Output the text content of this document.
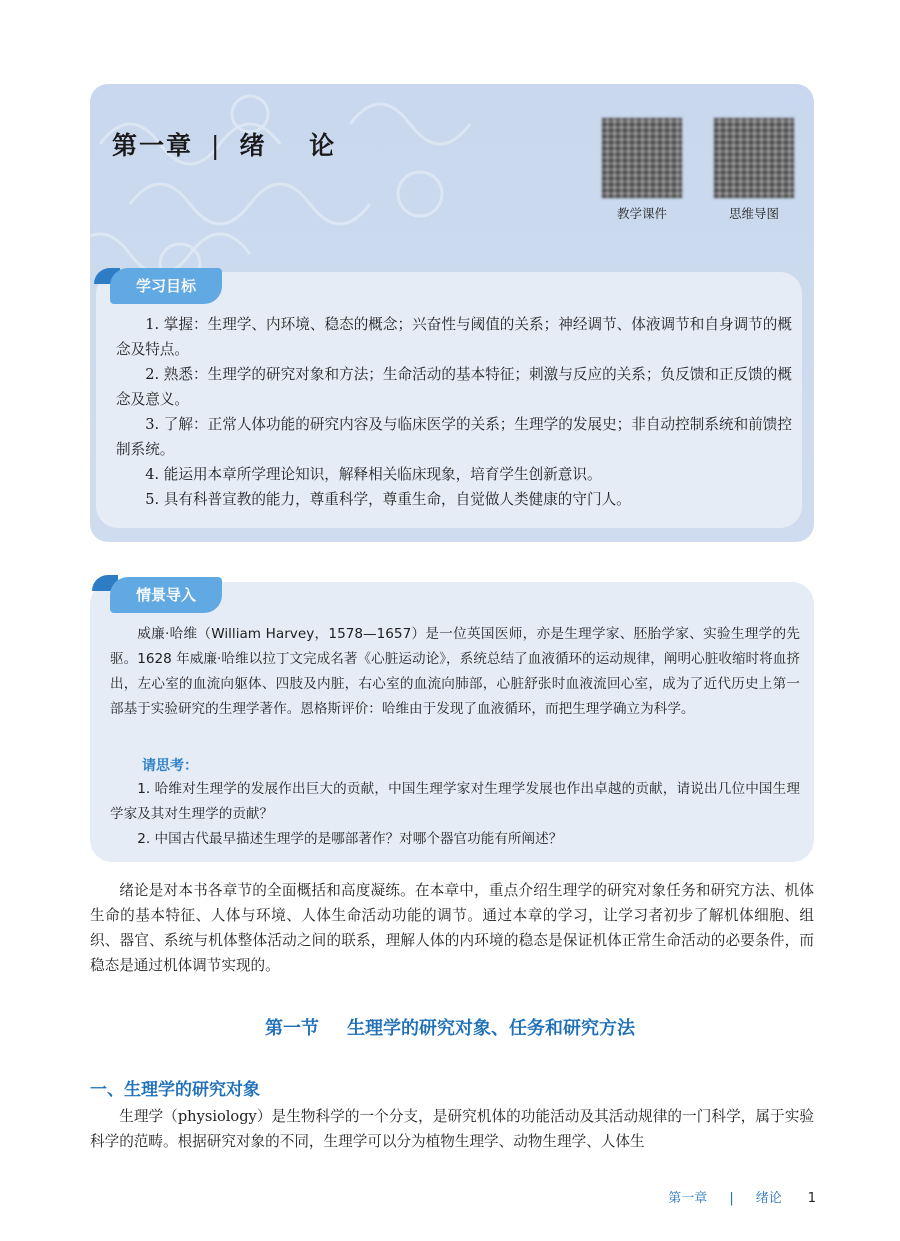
第一章 | 绪 论
教学课件	思维导图
学习目标
1. 掌握：生理学、内环境、稳态的概念；兴奋性与阈值的关系；神经调节、体液调节和自身调节的概念及特点。
2. 熟悉：生理学的研究对象和方法；生命活动的基本特征；刺激与反应的关系；负反馈和正反馈的概念及意义。
3. 了解：正常人体功能的研究内容及与临床医学的关系；生理学的发展史；非自动控制系统和前馈控制系统。
4. 能运用本章所学理论知识，解释相关临床现象，培育学生创新意识。
5. 具有科普宣教的能力，尊重科学，尊重生命，自觉做人类健康的守门人。
情景导入
威廉·哈维（William Harvey，1578—1657）是一位英国医师，亦是生理学家、胚胎学家、实验生理学的先驱。1628 年威廉·哈维以拉丁文完成名著《心脏运动论》，系统总结了血液循环的运动规律，阐明心脏收缩时将血挤出，左心室的血流向躯体、四肢及内脏，右心室的血流向肺部，心脏舒张时血液流回心室，成为了近代历史上第一部基于实验研究的生理学著作。恩格斯评价：哈维由于发现了血液循环，而把生理学确立为科学。
请思考：
1. 哈维对生理学的发展作出巨大的贡献，中国生理学家对生理学发展也作出卓越的贡献，请说出几位中国生理学家及其对生理学的贡献？
2. 中国古代最早描述生理学的是哪部著作？对哪个器官功能有所阐述？
绪论是对本书各章节的全面概括和高度凝练。在本章中，重点介绍生理学的研究对象任务和研究方法、机体生命的基本特征、人体与环境、人体生命活动功能的调节。通过本章的学习，让学习者初步了解机体细胞、组织、器官、系统与机体整体活动之间的联系，理解人体的内环境的稳态是保证机体正常生命活动的必要条件，而稳态是通过机体调节实现的。
第一节 生理学的研究对象、任务和研究方法
一、生理学的研究对象
生理学（physiology）是生物科学的一个分支，是研究机体的功能活动及其活动规律的一门科学，属于实验科学的范畴。根据研究对象的不同，生理学可以分为植物生理学、动物生理学、人体生
第一章 | 绪论 1
